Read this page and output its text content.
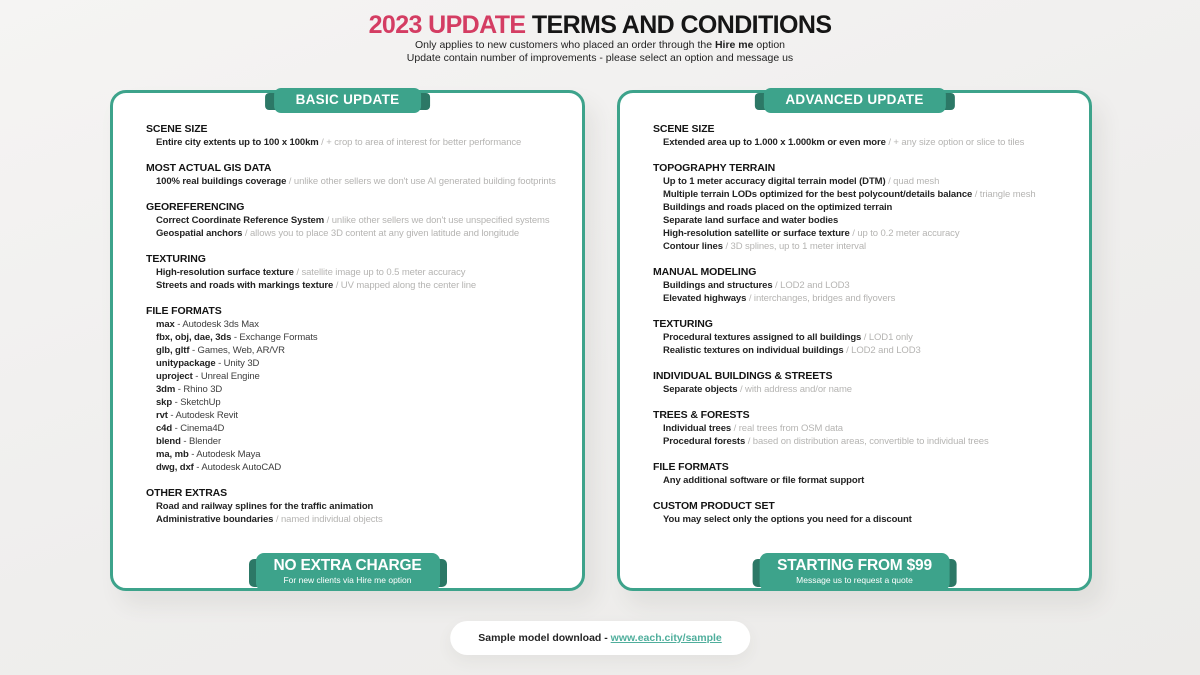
2023 UPDATE TERMS AND CONDITIONS
Only applies to new customers who placed an order through the Hire me option
Update contain number of improvements - please select an option and message us
BASIC UPDATE
SCENE SIZE
Entire city extents up to 100 x 100km / + crop to area of interest for better performance
MOST ACTUAL GIS DATA
100% real buildings coverage / unlike other sellers we don't use AI generated building footprints
GEOREFERENCING
Correct Coordinate Reference System / unlike other sellers we don't use unspecified systems
Geospatial anchors / allows you to place 3D content at any given latitude and longitude
TEXTURING
High-resolution surface texture / satellite image up to 0.5 meter accuracy
Streets and roads with markings texture / UV mapped along the center line
FILE FORMATS
max - Autodesk 3ds Max
fbx, obj, dae, 3ds - Exchange Formats
glb, gltf - Games, Web, AR/VR
unitypackage - Unity 3D
uproject - Unreal Engine
3dm - Rhino 3D
skp - SketchUp
rvt - Autodesk Revit
c4d - Cinema4D
blend - Blender
ma, mb - Autodesk Maya
dwg, dxf - Autodesk AutoCAD
OTHER EXTRAS
Road and railway splines for the traffic animation
Administrative boundaries / named individual objects
NO EXTRA CHARGE
For new clients via Hire me option
ADVANCED UPDATE
SCENE SIZE
Extended area up to 1.000 x 1.000km or even more / + any size option or slice to tiles
TOPOGRAPHY TERRAIN
Up to 1 meter accuracy digital terrain model (DTM) / quad mesh
Multiple terrain LODs optimized for the best polycount/details balance / triangle mesh
Buildings and roads placed on the optimized terrain
Separate land surface and water bodies
High-resolution satellite or surface texture / up to 0.2 meter accuracy
Contour lines / 3D splines, up to 1 meter interval
MANUAL MODELING
Buildings and structures / LOD2 and LOD3
Elevated highways / interchanges, bridges and flyovers
TEXTURING
Procedural textures assigned to all buildings / LOD1 only
Realistic textures on individual buildings / LOD2 and LOD3
INDIVIDUAL BUILDINGS & STREETS
Separate objects / with address and/or name
TREES & FORESTS
Individual trees / real trees from OSM data
Procedural forests / based on distribution areas, convertible to individual trees
FILE FORMATS
Any additional software or file format support
CUSTOM PRODUCT SET
You may select only the options you need for a discount
STARTING FROM $99
Message us to request a quote
Sample model download - www.each.city/sample
